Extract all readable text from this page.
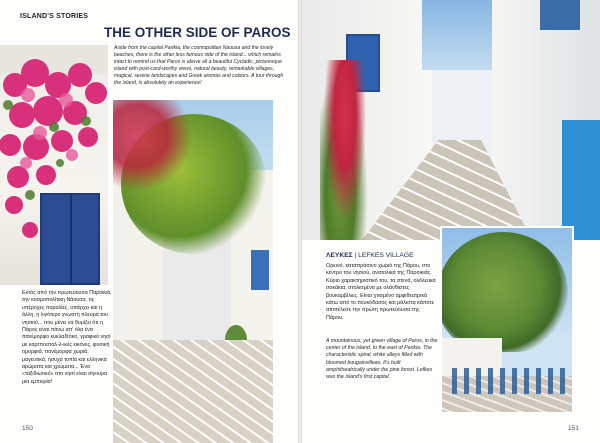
ISLAND'S STORIES
THE OTHER SIDE OF PAROS
Aside from the capital Parikia, the cosmopolitan Naousa and the lovely beaches, there is the other less famous side of the island... which remains intact to remind us that Paros is above all a beautiful Cycladic, picturesque island with post-card-worthy views, natural beauty, remarkable villages, magical, serene landscapes and Greek aromas and colours. A tour through the island, is absolutely an experience!
Εκτός από την πρωτεύουσα Παροικιά, την κοσμοπολίτικη Νάουσα, τις υπέροχες παραλίες, υπάρχει και η άλλη, η λιγότερο γνωστή πλευρά του νησιού... που μένει να θυμίζει ότι η Πάρος είναι πάνω απ' όλα ένα πανέμορφο κυκλαδίτικο, γραφικό νησί με καρτποσταλ-λ-ικές εικόνες, φυσική ομορφιά, πανέμορφα χωριά, μαγευτικά, ήσυχα τοπία και ελληνικά αρώματα και χρώματα... Ένα «ταξιδιωτικό» στο νησί είναι σίγουρα μια εμπειρία!
150
ΛΕΥΚΕΣ | LEFKES VILLAGE
Ορεινό, καταπράσινο χωριό της Πάρου, στο κέντρο του νησιού, ανατολικά της Παροικιάς. Κύριο χαρακτηριστικό του, τα στενά, ολόλευκα σοκάκια, στολισμένα με ολάνθιστες βουκαμβίλιες. Είναι χτισμένο αμφιθεατρικά κάτω από το πευκόδασος και μάλιστα κάποτε αποτέλεσε την πρώτη πρωτεύουσα της Πάρου.
A mountainous, yet green village of Paros, in the center of the island, to the east of Parikia. The characteristic spiral, white alleys filled with bloomed bougainvilleas. It's built amphitheatrically under the pine forest. Lefkes was the island's first capital.
151
